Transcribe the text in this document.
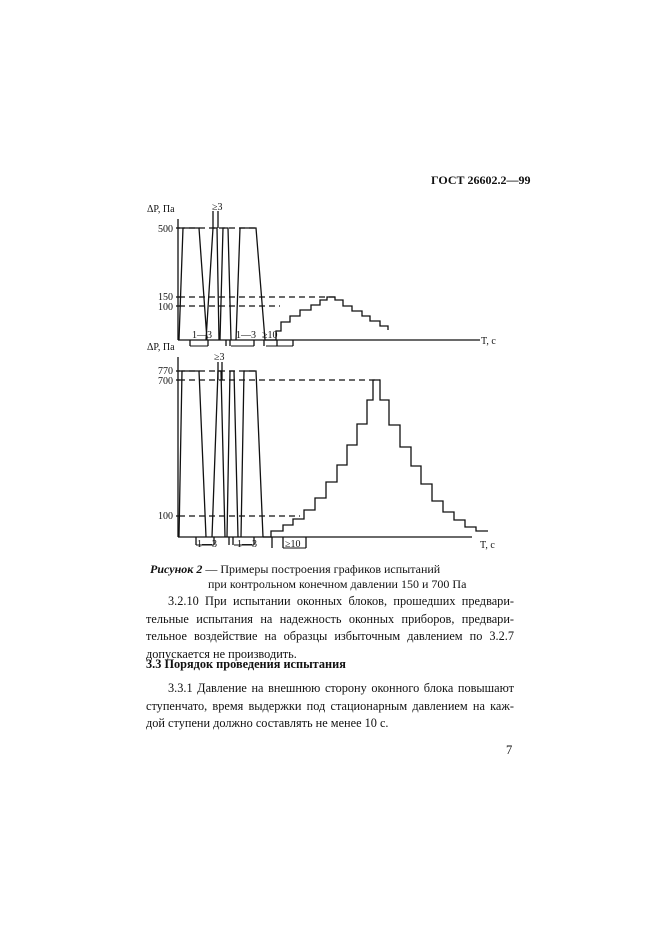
ГОСТ 26602.2—99
ΔP, Па
500
150
100
≥3
1—3 1—3 ≥10
T, с
ΔP, Па
770
700
100
≥3
1—3 1—3	≥10	T, с
Рисунок 2 — Примеры построения графиков испытаний
при контрольном конечном давлении 150 и 700 Па
3.2.10 При испытании оконных блоков, прошедших предвари-
тельные испытания на надежность оконных приборов, предвари-
тельное воздействие на образцы избыточным давлением по 3.2.7
допускается не производить.
3.3 Порядок проведения испытания
3.3.1 Давление на внешнюю сторону оконного блока повышают
ступенчато, время выдержки под стационарным давлением на каж-
дой ступени должно составлять не менее 10 с.
7
